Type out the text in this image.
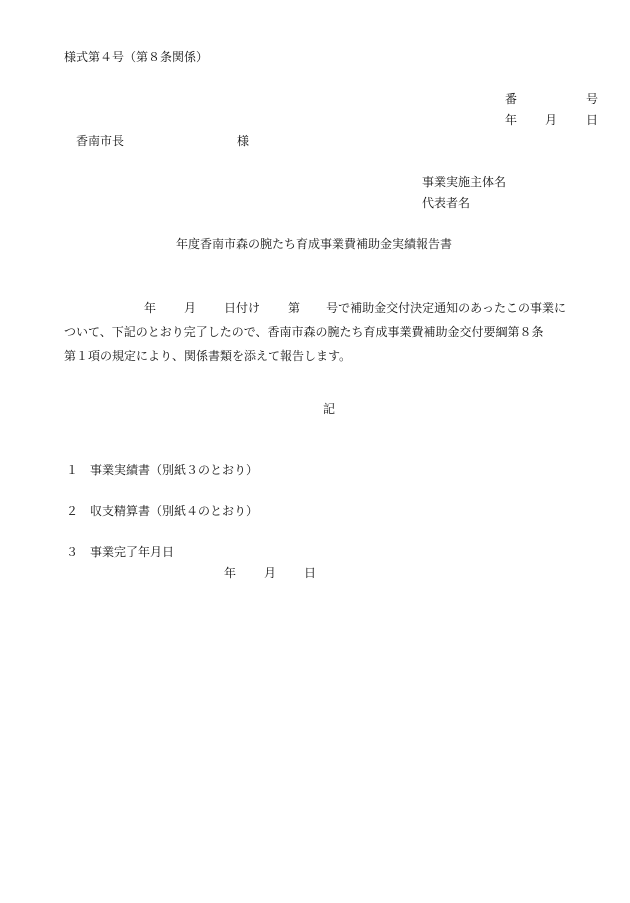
様式第４号（第８条関係）
番	号
年 月 日
香南市長	様
事業実施主体名
代表者名
年度香南市森の腕たち育成事業費補助金実績報告書
年 月 日付け 第 号で補助金交付決定通知のあったこの事業に
ついて、下記のとおり完了したので、香南市森の腕たち育成事業費補助金交付要綱第８条
第１項の規定により、関係書類を添えて報告します。
記
１ 事業実績書（別紙３のとおり）
２ 収支精算書（別紙４のとおり）
３ 事業完了年月日
年 月 日
